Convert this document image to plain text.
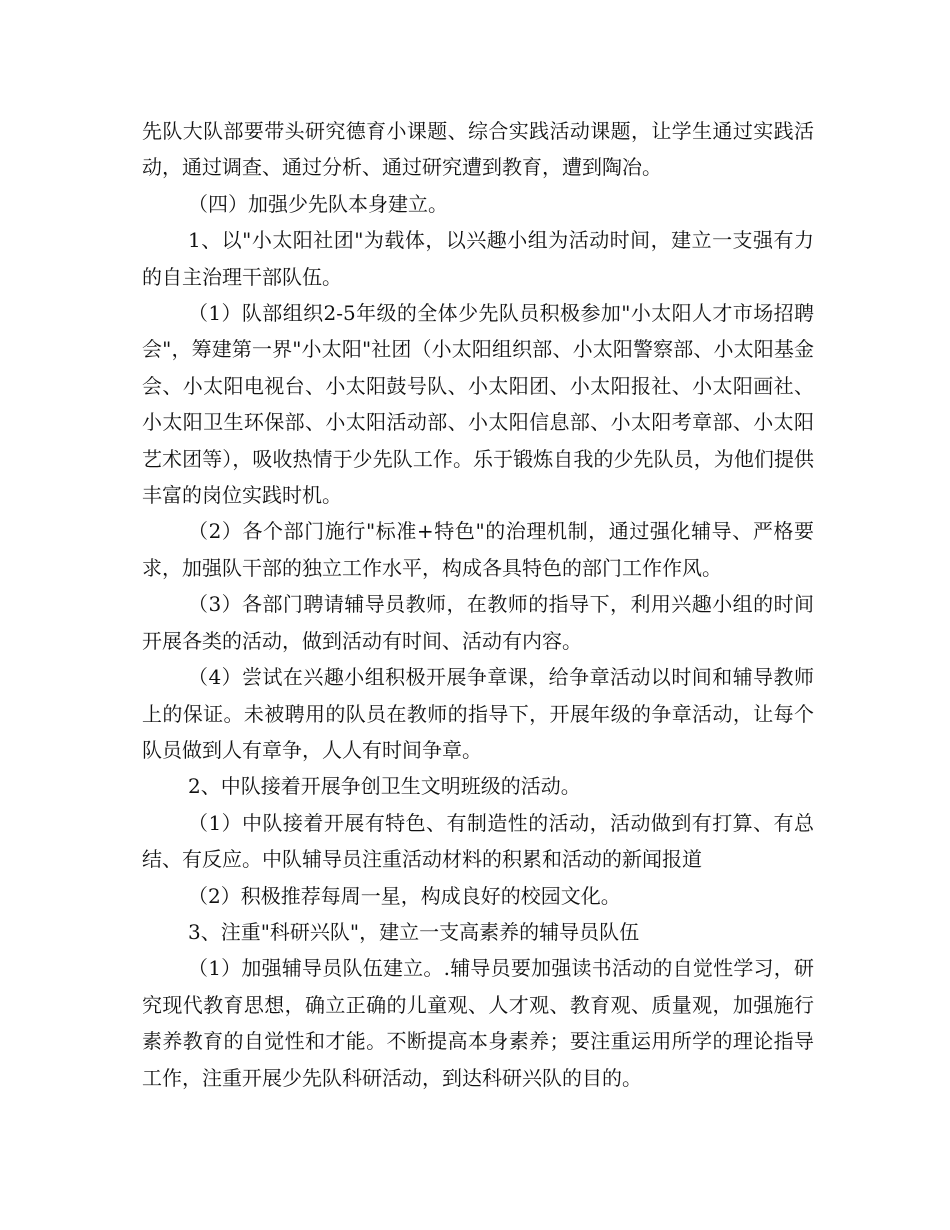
先队大队部要带头研究德育小课题、综合实践活动课题，让学生通过实践活动，通过调查、通过分析、通过研究遭到教育，遭到陶冶。

（四）加强少先队本身建立。

1、以"小太阳社团"为载体，以兴趣小组为活动时间，建立一支强有力的自主治理干部队伍。

（1）队部组织2-5年级的全体少先队员积极参加"小太阳人才市场招聘会"，筹建第一界"小太阳"社团（小太阳组织部、小太阳警察部、小太阳基金会、小太阳电视台、小太阳鼓号队、小太阳团、小太阳报社、小太阳画社、小太阳卫生环保部、小太阳活动部、小太阳信息部、小太阳考章部、小太阳艺术团等），吸收热情于少先队工作。乐于锻炼自我的少先队员，为他们提供丰富的岗位实践时机。

（2）各个部门施行"标准+特色"的治理机制，通过强化辅导、严格要求，加强队干部的独立工作水平，构成各具特色的部门工作作风。

（3）各部门聘请辅导员教师，在教师的指导下，利用兴趣小组的时间开展各类的活动，做到活动有时间、活动有内容。

（4）尝试在兴趣小组积极开展争章课，给争章活动以时间和辅导教师上的保证。未被聘用的队员在教师的指导下，开展年级的争章活动，让每个队员做到人有章争，人人有时间争章。

2、中队接着开展争创卫生文明班级的活动。

（1）中队接着开展有特色、有制造性的活动，活动做到有打算、有总结、有反应。中队辅导员注重活动材料的积累和活动的新闻报道

（2）积极推荐每周一星，构成良好的校园文化。

3、注重"科研兴队"，建立一支高素养的辅导员队伍

（1）加强辅导员队伍建立。.辅导员要加强读书活动的自觉性学习，研究现代教育思想，确立正确的儿童观、人才观、教育观、质量观，加强施行素养教育的自觉性和才能。不断提高本身素养；要注重运用所学的理论指导工作，注重开展少先队科研活动，到达科研兴队的目的。
